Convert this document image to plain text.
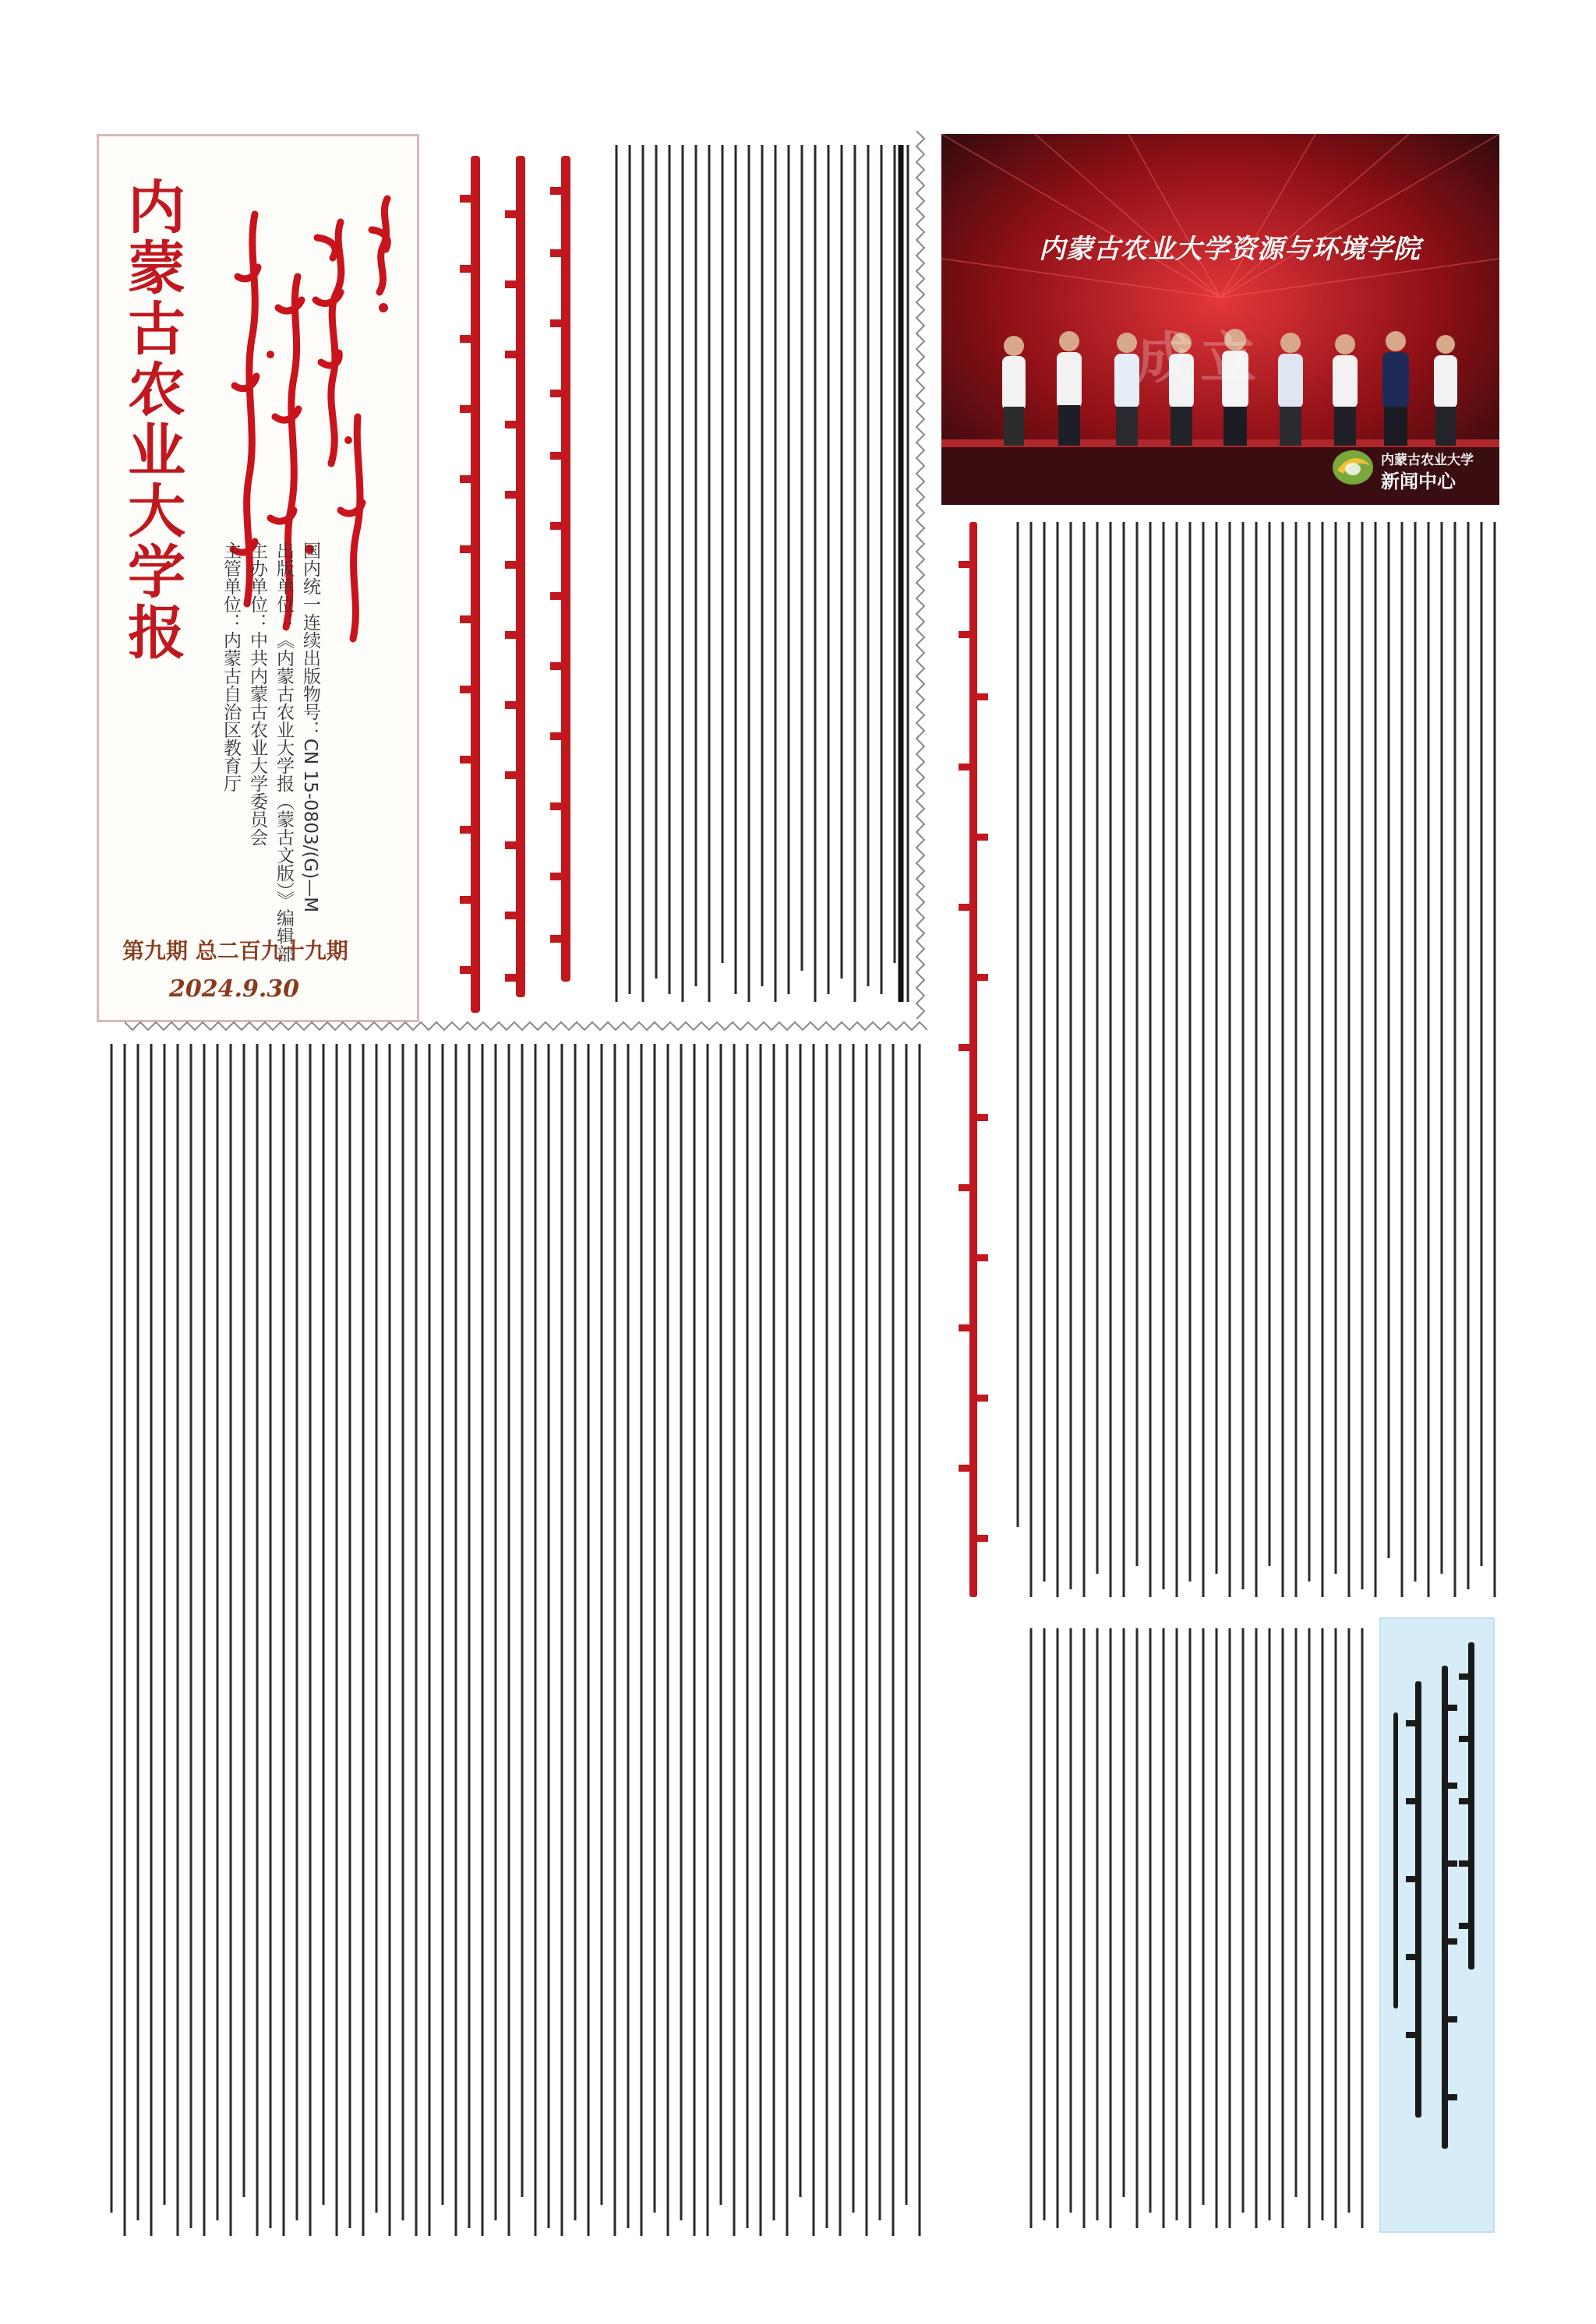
内蒙古农业大学报
国内统一连续出版物号：CN 15-0803/(G)—M
出版单位：《内蒙古农业大学报（蒙古文版）》编辑部
主办单位：中共内蒙古农业大学委员会
主管单位：内蒙古自治区教育厅
第九期 总二百九十九期
2024.9.30
内蒙古农业大学资源与环境学院
成立
内蒙古农业大学
新闻中心
